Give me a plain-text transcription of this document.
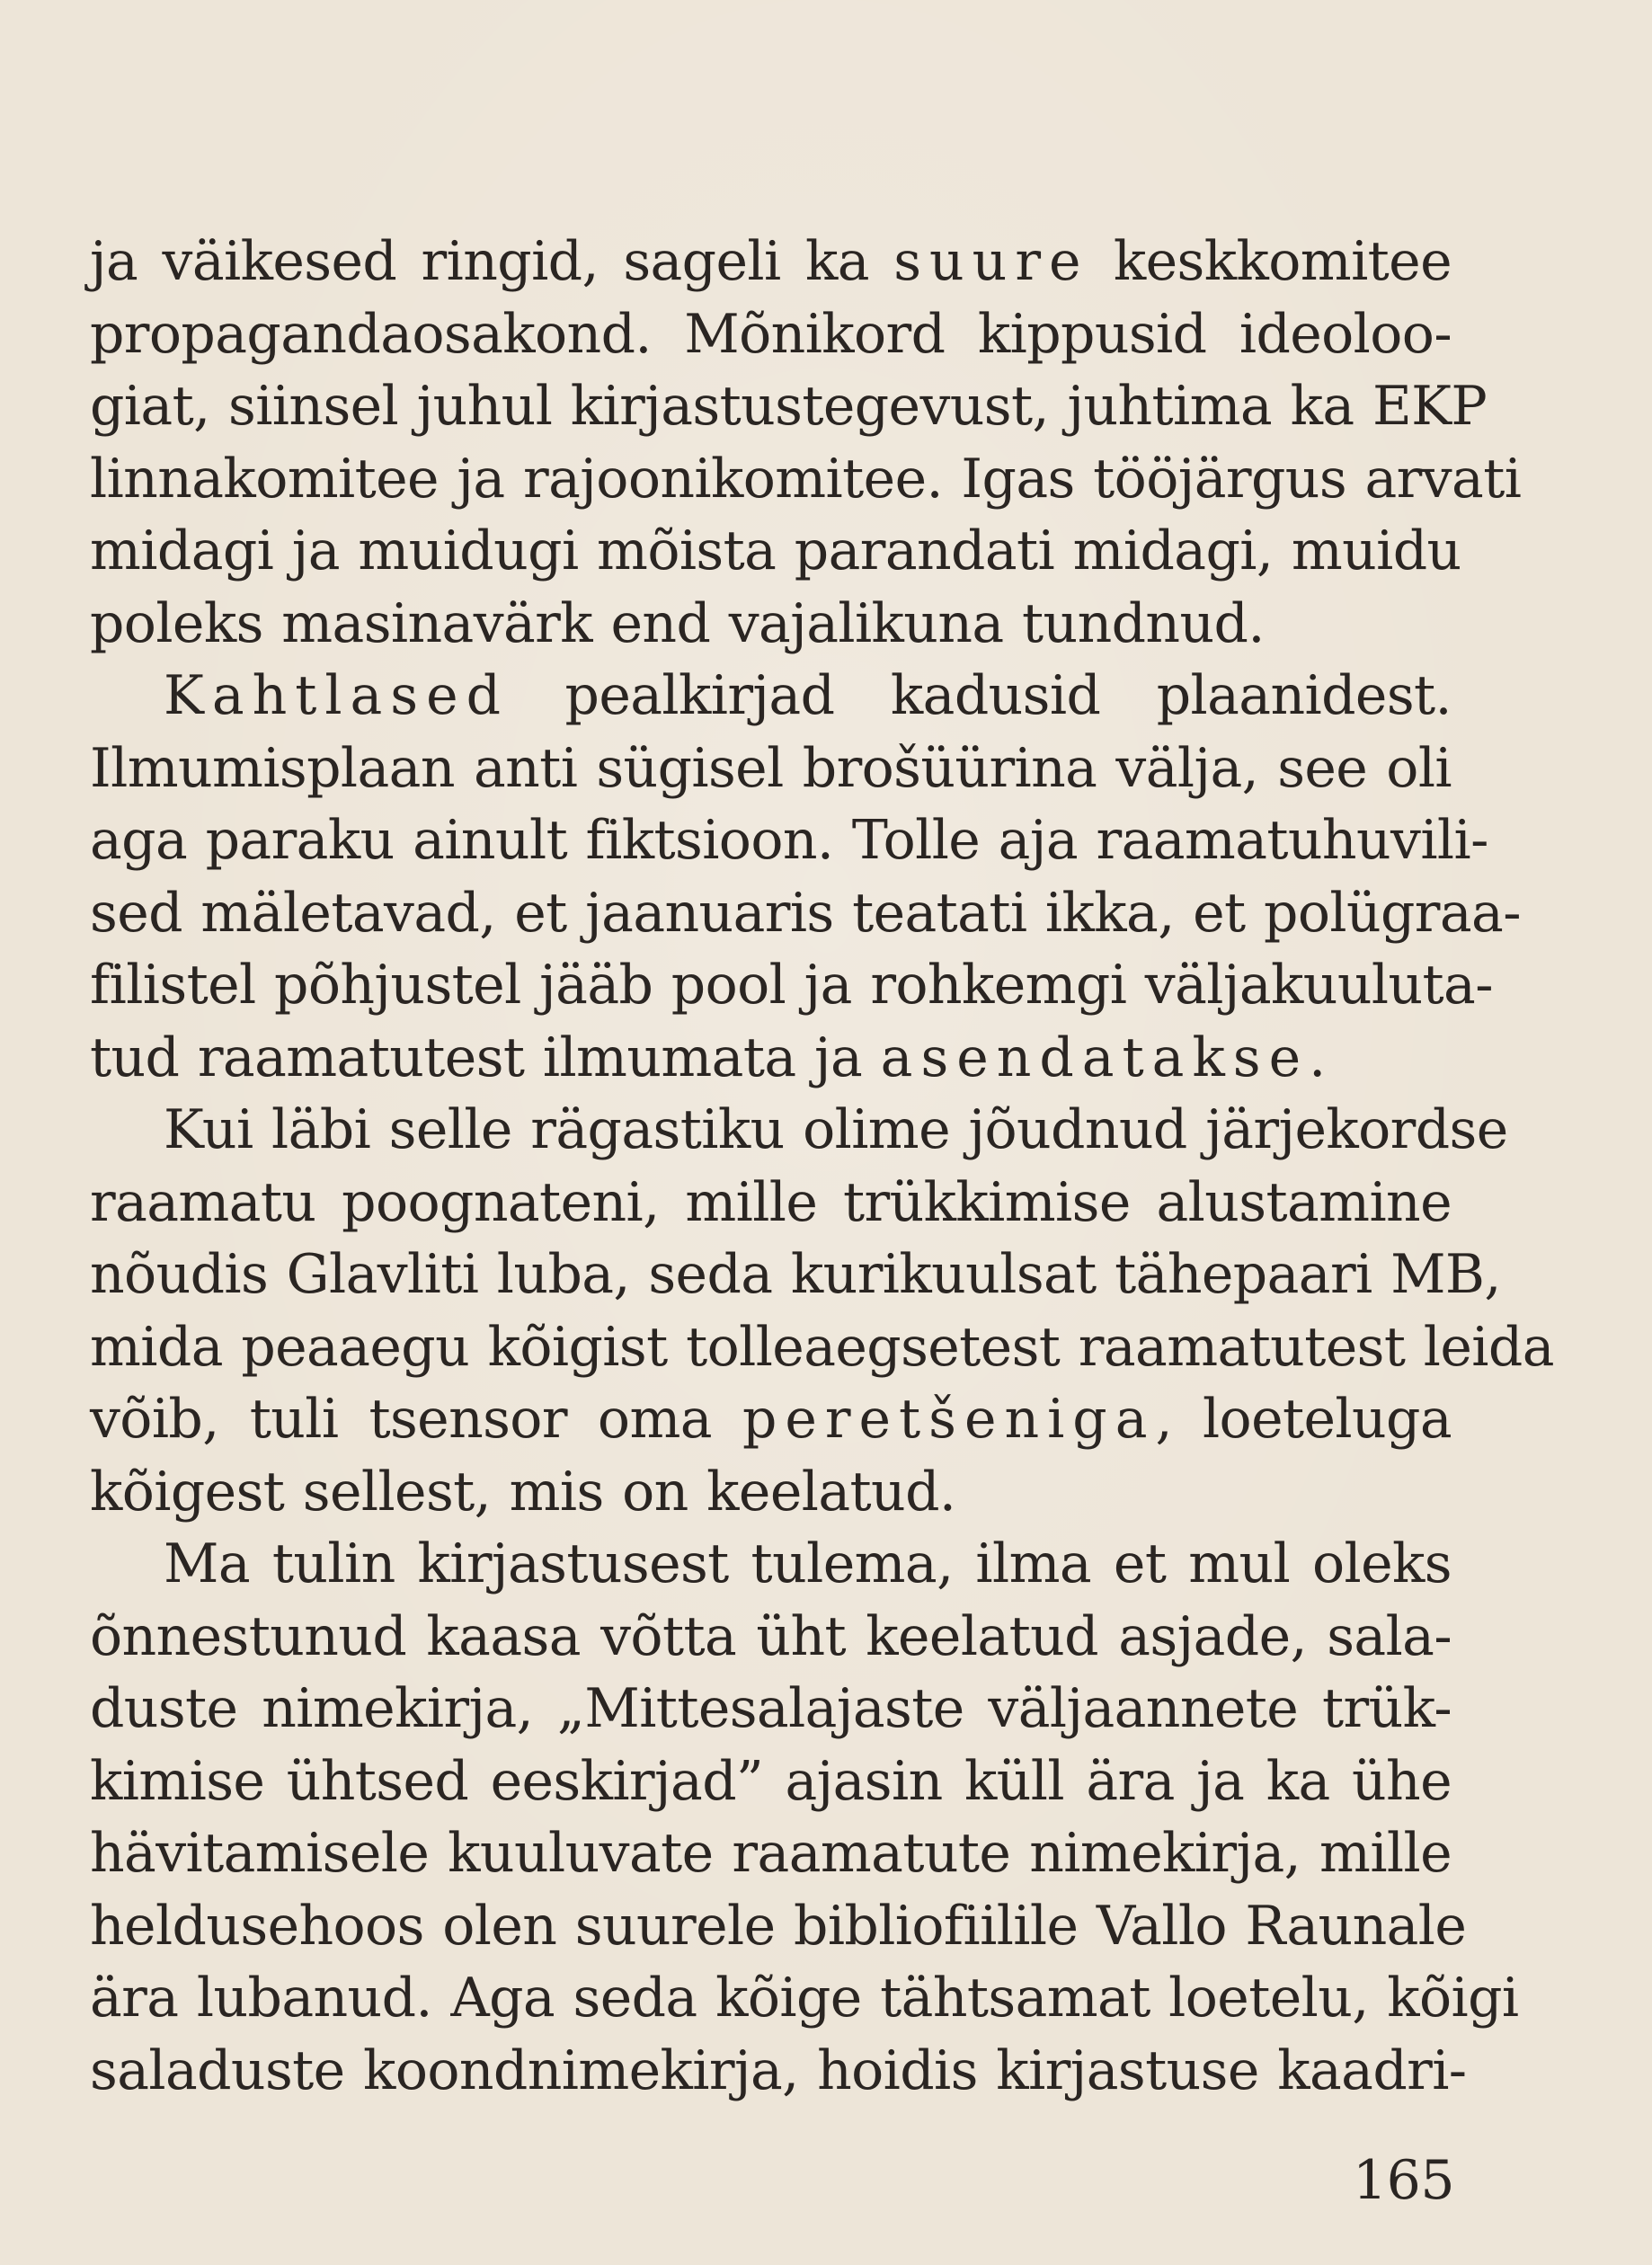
ja väikesed ringid, sageli ka suure keskkomitee
propagandaosakond. Mõnikord kippusid ideoloo-
giat, siinsel juhul kirjastustegevust, juhtima ka EKP
linnakomitee ja rajoonikomitee. Igas tööjärgus arvati
midagi ja muidugi mõista parandati midagi, muidu
poleks masinavärk end vajalikuna tundnud.
Kahtlased pealkirjad kadusid plaanidest.
Ilmumisplaan anti sügisel brošüürina välja, see oli
aga paraku ainult fiktsioon. Tolle aja raamatuhuvili-
sed mäletavad, et jaanuaris teatati ikka, et polügraa-
filistel põhjustel jääb pool ja rohkemgi väljakuuluta-
tud raamatutest ilmumata ja asendatakse.
Kui läbi selle rägastiku olime jõudnud järjekordse
raamatu poognateni, mille trükkimise alustamine
nõudis Glavliti luba, seda kurikuulsat tähepaari MB,
mida peaaegu kõigist tolleaegsetest raamatutest leida
võib, tuli tsensor oma peretšeniga, loeteluga
kõigest sellest, mis on keelatud.
Ma tulin kirjastusest tulema, ilma et mul oleks
õnnestunud kaasa võtta üht keelatud asjade, sala-
duste nimekirja, „Mittesalajaste väljaannete trük-
kimise ühtsed eeskirjad” ajasin küll ära ja ka ühe
hävitamisele kuuluvate raamatute nimekirja, mille
heldusehoos olen suurele bibliofiilile Vallo Raunale
ära lubanud. Aga seda kõige tähtsamat loetelu, kõigi
saladuste koondnimekirja, hoidis kirjastuse kaadri-
165
